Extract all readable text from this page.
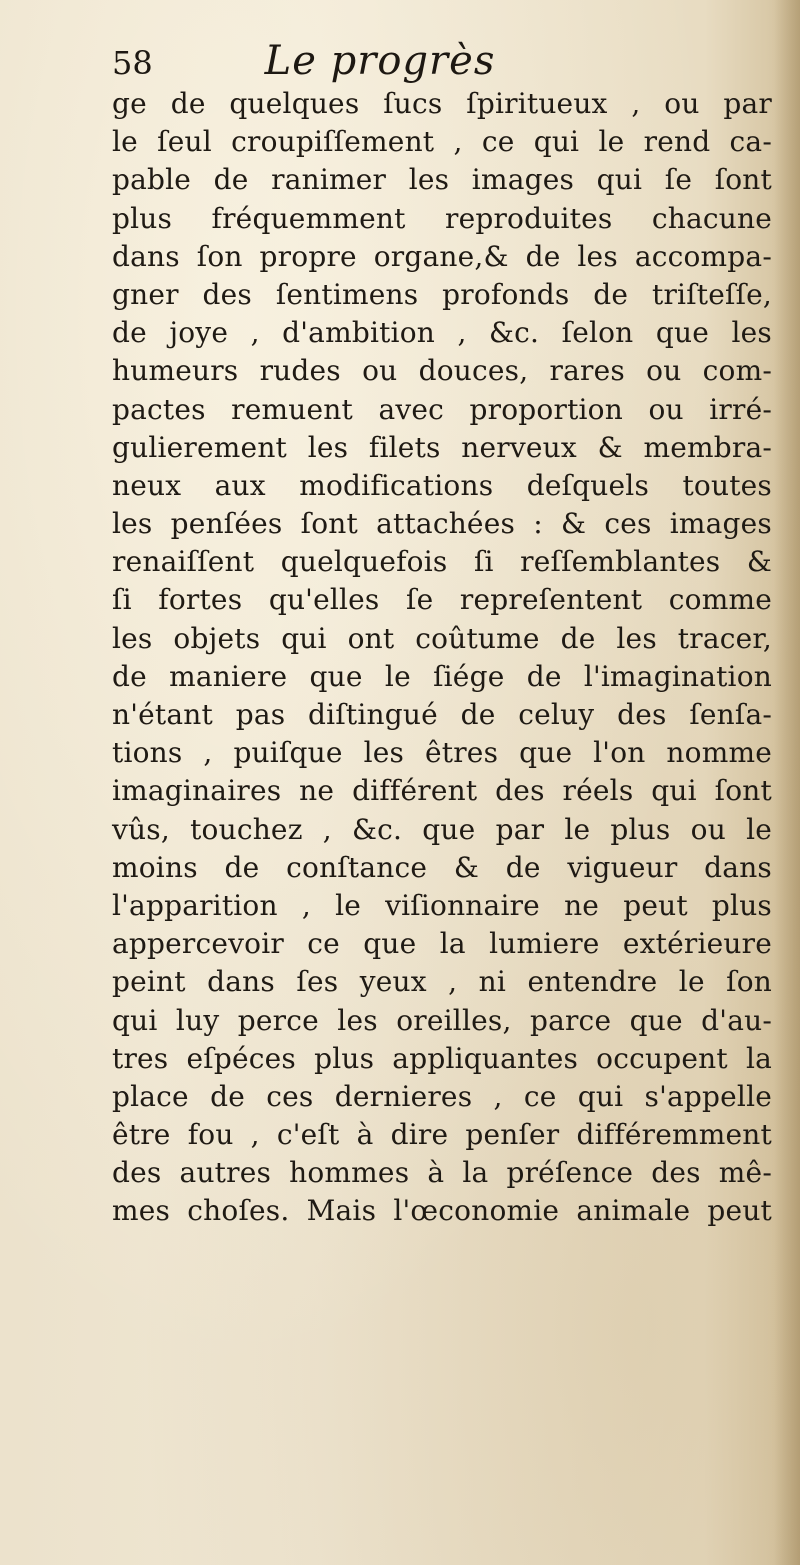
58	Le progrès
ge de quelques ſucs ſpiritueux , ou par
le ſeul croupiſſement , ce qui le rend ca-
pable de ranimer les images qui ſe ſont
plus fréquemment reproduites chacune
dans ſon propre organe,& de les accompa-
gner des ſentimens profonds de triſteſſe,
de joye , d'ambition , &c. ſelon que les
humeurs rudes ou douces, rares ou com-
pactes remuent avec proportion ou irré-
gulierement les filets nerveux & membra-
neux aux modifications deſquels toutes
les penſées ſont attachées : & ces images
renaiſſent quelquefois ſi reſſemblantes &
ſi fortes qu'elles ſe repreſentent comme
les objets qui ont coûtume de les tracer,
de maniere que le ſiége de l'imagination
n'étant pas diſtingué de celuy des ſenſa-
tions , puiſque les êtres que l'on nomme
imaginaires ne différent des réels qui ſont
vûs, touchez , &c. que par le plus ou le
moins de conſtance & de vigueur dans
l'apparition , le viſionnaire ne peut plus
appercevoir ce que la lumiere extérieure
peint dans ſes yeux , ni entendre le ſon
qui luy perce les oreilles, parce que d'au-
tres eſpéces plus appliquantes occupent la
place de ces dernieres , ce qui s'appelle
être fou , c'eſt à dire penſer différemment
des autres hommes à la préſence des mê-
mes choſes. Mais l'œconomie animale peut
